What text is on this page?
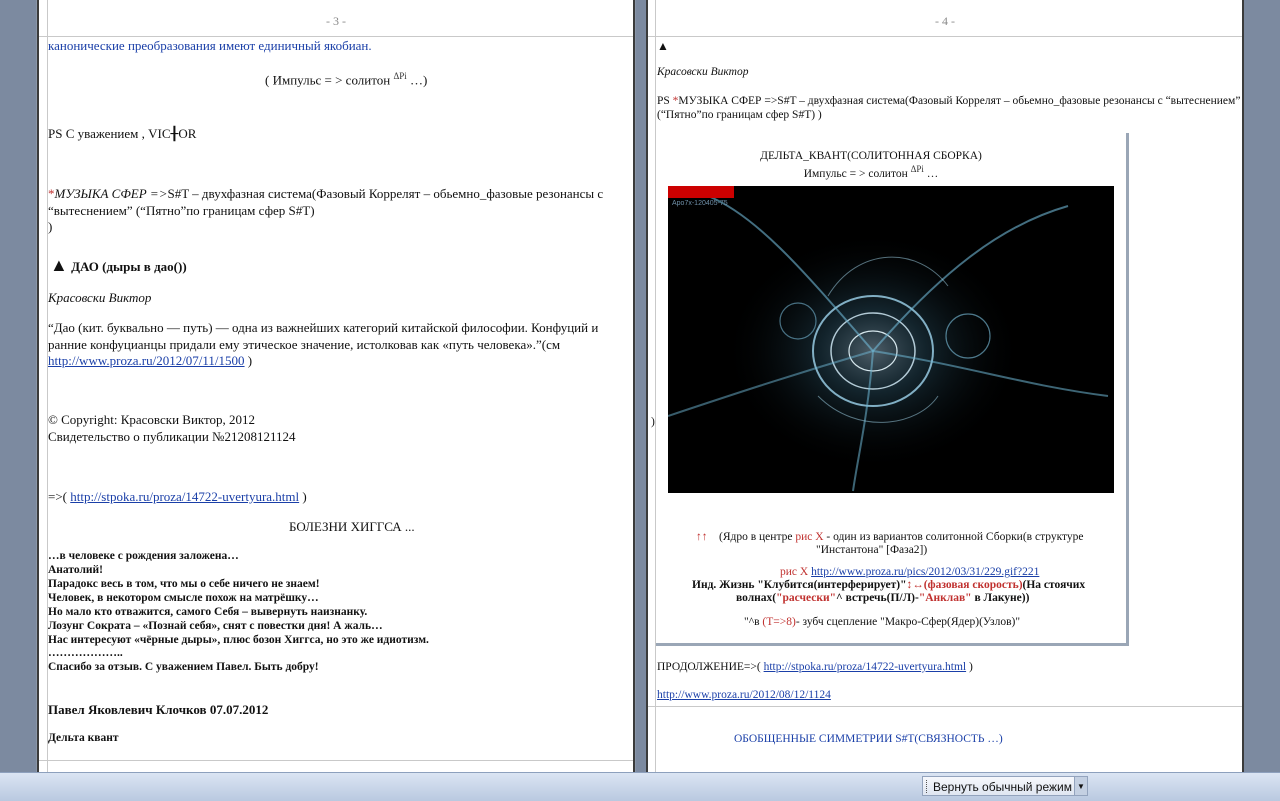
- 3 -
канонические преобразования имеют единичный якобиан.
( Импульс = > солитон $^{\Delta Pi}$ …)
PS С уважением , VIC╂OR
*МУЗЫКА СФЕР =>S#T – двухфазная система(Фазовый Коррелят – обьемно_фазовые резонансы с
“вытеснением” (“Пятно”по границам сфер S#T)
)
▲ ДАО (дыры в дао())
Красовски Виктор
“Дао (кит. буквально — путь) — одна из важнейших категорий китайской философии. Конфуций и
ранние конфуцианцы придали ему этическое значение, истолковав как «путь человека».”(см
http://www.proza.ru/2012/07/11/1500 )
© Copyright: Красовски Виктор, 2012
Свидетельство о публикации №21208121124
=>( http://stpoka.ru/proza/14722-uvertyura.html )
БОЛЕЗНИ ХИГГСА ...
…в человеке с рождения заложена…
Анатолий!
Парадокс весь в том, что мы о себе ничего не знаем!
Человек, в некотором смысле похож на матрёшку…
Но мало кто отважится, самого Себя – вывернуть наизнанку.
Лозунг Сократа – «Познай себя», снят с повестки дня! А жаль…
Нас интересуют «чёрные дыры», плюс бозон Хиггса, но это же идиотизм.
………………..
Спасибо за отзыв. С уважением Павел. Быть добру!
Павел Яковлевич Клочков 07.07.2012
Дельта квант
- 4 -
▲
Красовски Виктор
PS *МУЗЫКА СФЕР =>S#T – двухфазная система(Фазовый Коррелят – обьемно_фазовые резонансы с “вытеснением”
(“Пятно”по границам сфер S#T) )
ДЕЛЬТА_КВАНТ(СОЛИТОННАЯ СБОРКА)
Импульс = > солитон $^{\Delta Pi}$ …
Apo7x-120405-75
)
↑↑ (Ядро в центре рис Х - один из вариантов солитонной Сборки(в структуре
"Инстантона" [Фаза2])
рис Х http://www.proza.ru/pics/2012/03/31/229.gif?221
Инд. Жизнь "Клубится(интерферирует)"↕↔(фазовая скорость)(На стоячих
волнах("расчески"^ встречь(П/Л)-"Анклав" в Лакуне))
"^в (Т=>8)- зубч сцепление "Макро-Сфер(Ядер)(Узлов)"
ПРОДОЛЖЕНИЕ=>( http://stpoka.ru/proza/14722-uvertyura.html )
http://www.proza.ru/2012/08/12/1124
ОБОБЩЕННЫЕ СИММЕТРИИ S#T(СВЯЗНОСТЬ …)
Вернуть обычный режим ▼
